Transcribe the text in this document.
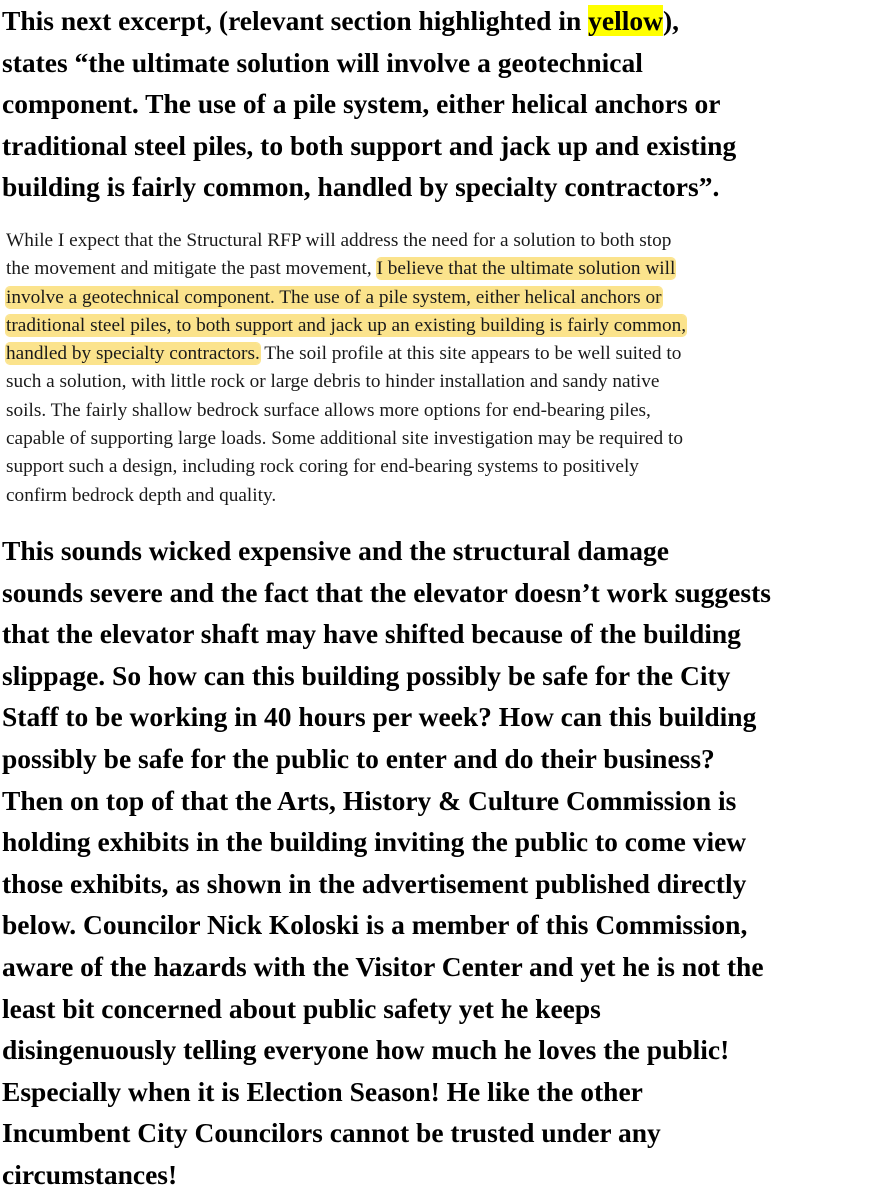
This next excerpt, (relevant section highlighted in yellow),
states “the ultimate solution will involve a geotechnical
component. The use of a pile system, either helical anchors or
traditional steel piles, to both support and jack up and existing
building is fairly common, handled by specialty contractors”.

While I expect that the Structural RFP will address the need for a solution to both stop
the movement and mitigate the past movement, I believe that the ultimate solution will
involve a geotechnical component. The use of a pile system, either helical anchors or
traditional steel piles, to both support and jack up an existing building is fairly common,
handled by specialty contractors. The soil profile at this site appears to be well suited to
such a solution, with little rock or large debris to hinder installation and sandy native
soils. The fairly shallow bedrock surface allows more options for end-bearing piles,
capable of supporting large loads. Some additional site investigation may be required to
support such a design, including rock coring for end-bearing systems to positively
confirm bedrock depth and quality.

This sounds wicked expensive and the structural damage
sounds severe and the fact that the elevator doesn’t work suggests
that the elevator shaft may have shifted because of the building
slippage. So how can this building possibly be safe for the City
Staff to be working in 40 hours per week? How can this building
possibly be safe for the public to enter and do their business?
Then on top of that the Arts, History & Culture Commission is
holding exhibits in the building inviting the public to come view
those exhibits, as shown in the advertisement published directly
below. Councilor Nick Koloski is a member of this Commission,
aware of the hazards with the Visitor Center and yet he is not the
least bit concerned about public safety yet he keeps
disingenuously telling everyone how much he loves the public!
Especially when it is Election Season! He like the other
Incumbent City Councilors cannot be trusted under any
circumstances!
